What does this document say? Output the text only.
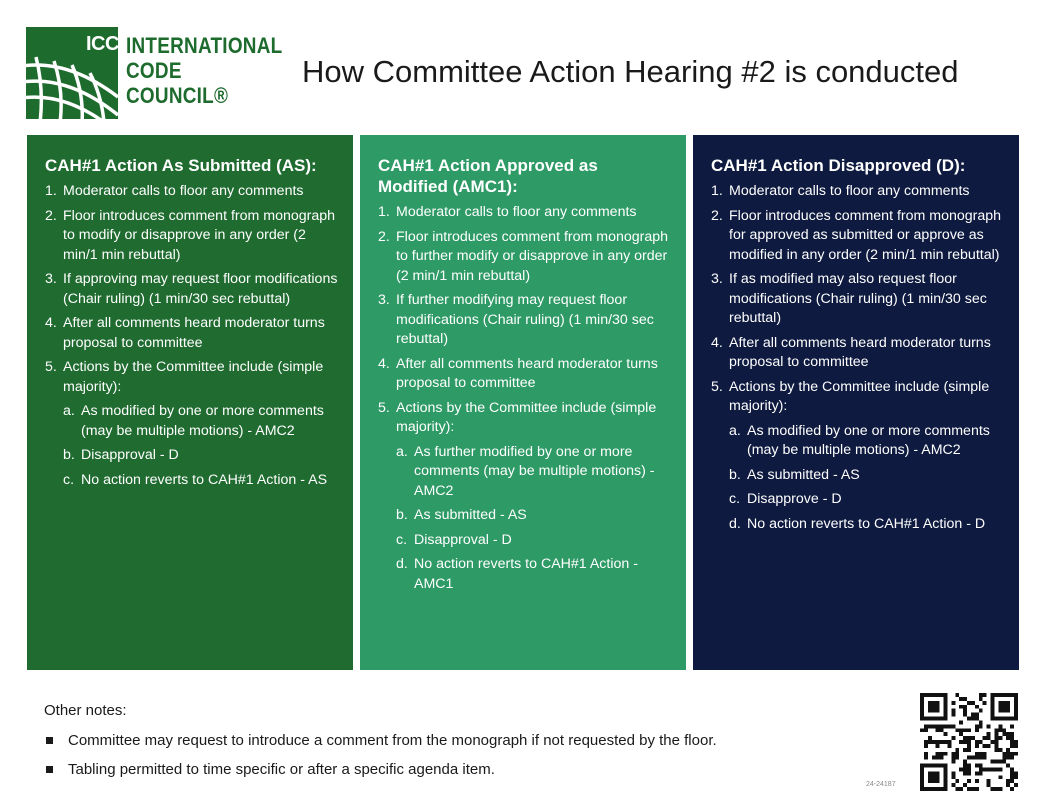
ICC INTERNATIONAL
CODE
COUNCIL®
How Committee Action Hearing #2 is conducted
CAH#1 Action As Submitted (AS):
1. Moderator calls to floor any comments
2. Floor introduces comment from monograph to modify or disapprove in any order (2 min/1 min rebuttal)
3. If approving may request floor modifications (Chair ruling) (1 min/30 sec rebuttal)
4. After all comments heard moderator turns proposal to committee
5. Actions by the Committee include (simple majority):
a. As modified by one or more comments (may be multiple motions) - AMC2
b. Disapproval - D
c. No action reverts to CAH#1 Action - AS
CAH#1 Action Approved as Modified (AMC1):
1. Moderator calls to floor any comments
2. Floor introduces comment from monograph to further modify or disapprove in any order (2 min/1 min rebuttal)
3. If further modifying may request floor modifications (Chair ruling) (1 min/30 sec rebuttal)
4. After all comments heard moderator turns proposal to committee
5. Actions by the Committee include (simple majority):
a. As further modified by one or more comments (may be multiple motions) - AMC2
b. As submitted - AS
c. Disapproval - D
d. No action reverts to CAH#1 Action - AMC1
CAH#1 Action Disapproved (D):
1. Moderator calls to floor any comments
2. Floor introduces comment from monograph for approved as submitted or approve as modified in any order (2 min/1 min rebuttal)
3. If as modified may also request floor modifications (Chair ruling) (1 min/30 sec rebuttal)
4. After all comments heard moderator turns proposal to committee
5. Actions by the Committee include (simple majority):
a. As modified by one or more comments (may be multiple motions) - AMC2
b. As submitted - AS
c. Disapprove - D
d. No action reverts to CAH#1 Action - D
Other notes:
Committee may request to introduce a comment from the monograph if not requested by the floor.
Tabling permitted to time specific or after a specific agenda item.
24-24187
